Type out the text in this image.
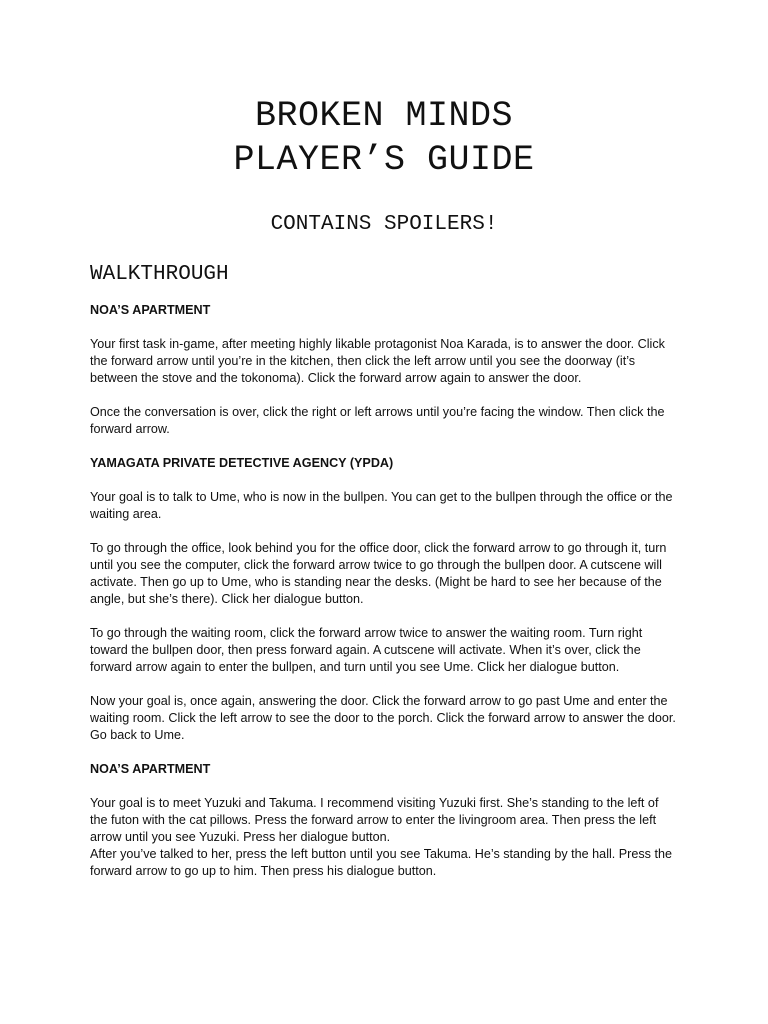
BROKEN MINDS
PLAYER’S GUIDE
CONTAINS SPOILERS!
WALKTHROUGH
NOA’S APARTMENT

Your first task in-game, after meeting highly likable protagonist Noa Karada, is to answer the door. Click the forward arrow until you’re in the kitchen, then click the left arrow until you see the doorway (it’s between the stove and the tokonoma). Click the forward arrow again to answer the door.

Once the conversation is over, click the right or left arrows until you’re facing the window. Then click the forward arrow.

YAMAGATA PRIVATE DETECTIVE AGENCY (YPDA)

Your goal is to talk to Ume, who is now in the bullpen. You can get to the bullpen through the office or the waiting area.

To go through the office, look behind you for the office door, click the forward arrow to go through it, turn until you see the computer, click the forward arrow twice to go through the bullpen door. A cutscene will activate. Then go up to Ume, who is standing near the desks. (Might be hard to see her because of the angle, but she’s there). Click her dialogue button.

To go through the waiting room, click the forward arrow twice to answer the waiting room. Turn right toward the bullpen door, then press forward again. A cutscene will activate. When it’s over, click the forward arrow again to enter the bullpen, and turn until you see Ume. Click her dialogue button.

Now your goal is, once again, answering the door. Click the forward arrow to go past Ume and enter the waiting room. Click the left arrow to see the door to the porch. Click the forward arrow to answer the door. Go back to Ume.

NOA’S APARTMENT

Your goal is to meet Yuzuki and Takuma. I recommend visiting Yuzuki first. She’s standing to the left of the futon with the cat pillows. Press the forward arrow to enter the livingroom area. Then press the left arrow until you see Yuzuki. Press her dialogue button.

After you’ve talked to her, press the left button until you see Takuma. He’s standing by the hall. Press the forward arrow to go up to him. Then press his dialogue button.
